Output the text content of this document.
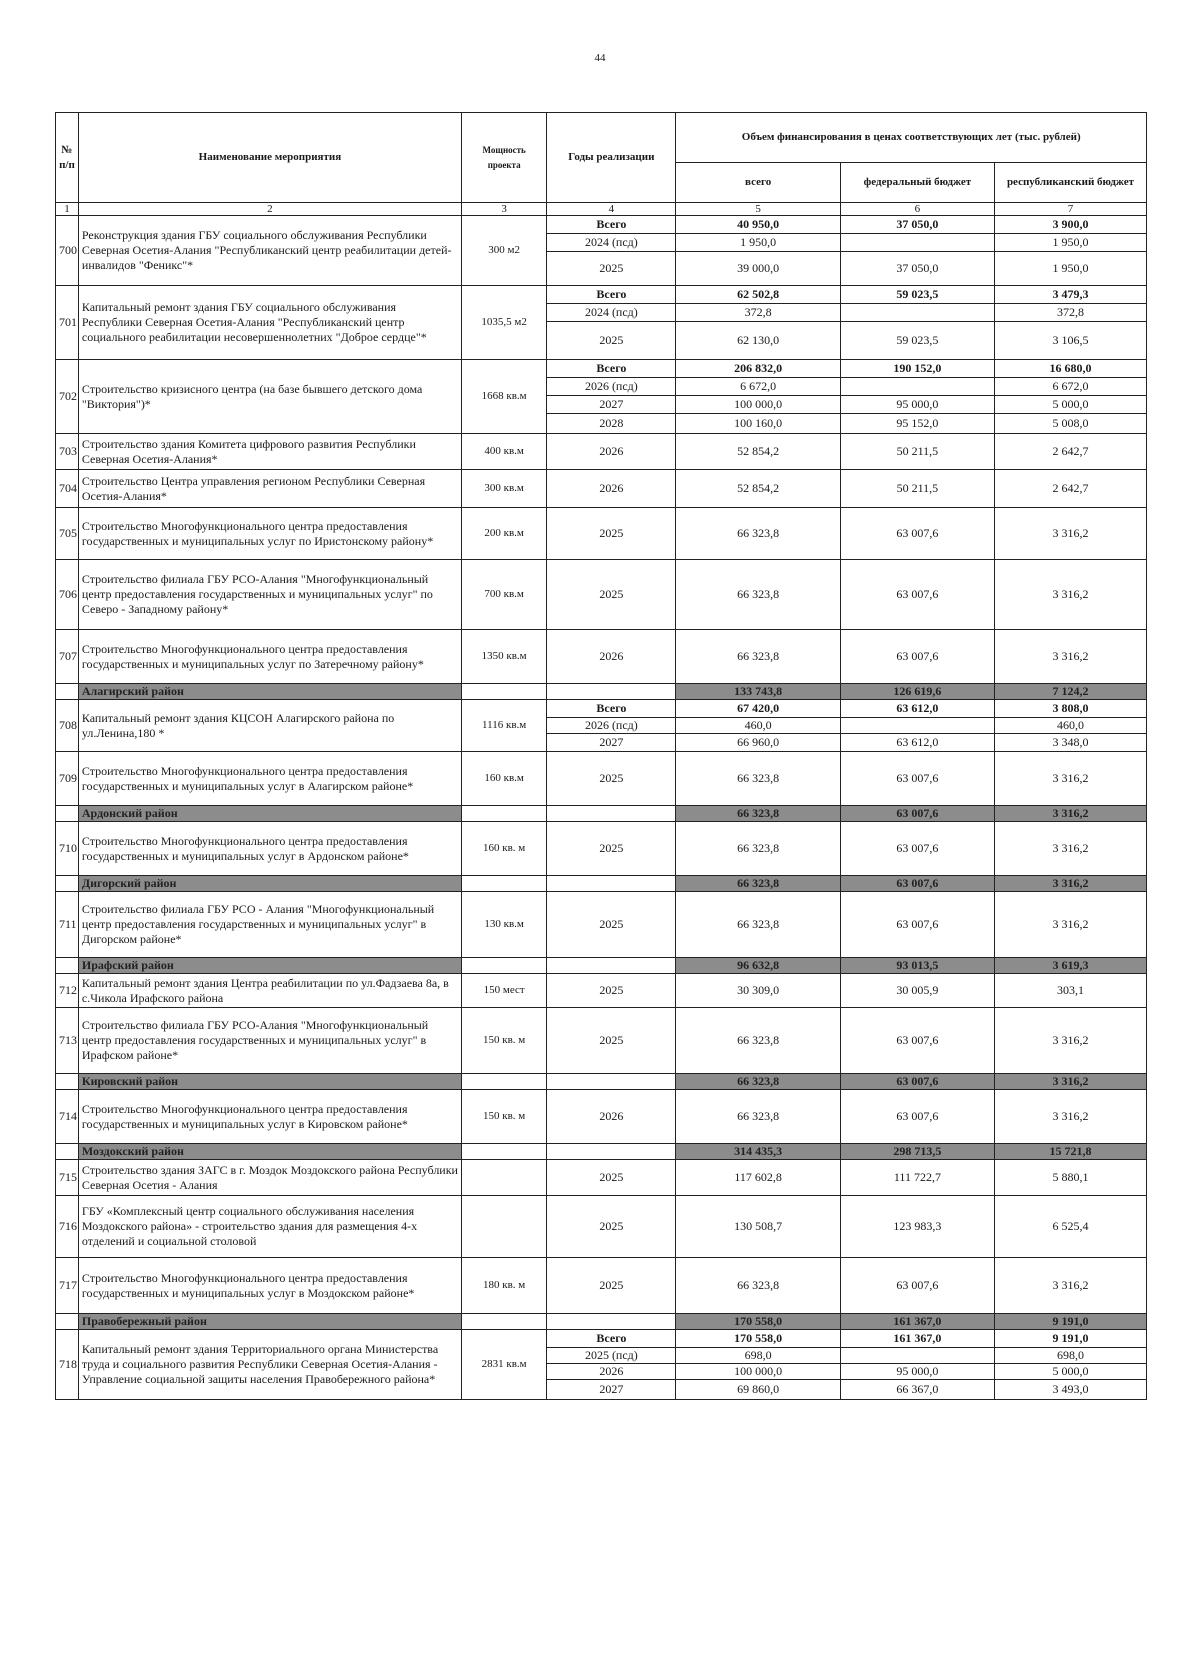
44
№ п/п	Наименование мероприятия	Мощность проекта	Годы реализации	Объем финансирования в ценах соответствующих лет (тыс. рублей)		
				всего	федеральный бюджет	республиканский бюджет
1	2	3	4	5	6	7
700	Реконструкция здания ГБУ социального обслуживания Республики Северная Осетия-Алания "Республиканский центр реабилитации детей-инвалидов "Феникс"*	300 м2	Всего	40 950,0	37 050,0	3 900,0
			2024 (псд)	1 950,0		1 950,0
			2025	39 000,0	37 050,0	1 950,0
701	Капитальный ремонт здания ГБУ социального обслуживания Республики Северная Осетия-Алания "Республиканский центр социального реабилитации несовершеннолетних "Доброе сердце"*	1035,5 м2	Всего	62 502,8	59 023,5	3 479,3
			2024 (псд)	372,8		372,8
			2025	62 130,0	59 023,5	3 106,5
702	Строительство кризисного центра (на базе бывшего детского дома "Виктория")*	1668 кв.м	Всего	206 832,0	190 152,0	16 680,0
			2026 (псд)	6 672,0		6 672,0
			2027	100 000,0	95 000,0	5 000,0
			2028	100 160,0	95 152,0	5 008,0
703	Строительство здания Комитета цифрового развития Республики Северная Осетия-Алания*	400 кв.м	2026	52 854,2	50 211,5	2 642,7
704	Строительство Центра управления регионом Республики Северная Осетия-Алания*	300 кв.м	2026	52 854,2	50 211,5	2 642,7
705	Строительство Многофункционального центра предоставления государственных и муниципальных услуг по Иристонскому району*	200 кв.м	2025	66 323,8	63 007,6	3 316,2
706	Строительство филиала ГБУ РСО-Алания "Многофункциональный центр предоставления государственных и муниципальных услуг" по Северо - Западному району*	700 кв.м	2025	66 323,8	63 007,6	3 316,2
707	Строительство Многофункционального центра предоставления государственных и муниципальных услуг по Затеречному району*	1350 кв.м	2026	66 323,8	63 007,6	3 316,2
	Алагирский район			133 743,8	126 619,6	7 124,2
708	Капитальный ремонт здания КЦСОН Алагирского района по ул.Ленина,180 *	1116 кв.м	Всего	67 420,0	63 612,0	3 808,0
			2026 (псд)	460,0		460,0
			2027	66 960,0	63 612,0	3 348,0
709	Строительство Многофункционального центра предоставления государственных и муниципальных услуг в Алагирском районе*	160 кв.м	2025	66 323,8	63 007,6	3 316,2
	Ардонский район			66 323,8	63 007,6	3 316,2
710	Строительство Многофункционального центра предоставления государственных и муниципальных услуг в Ардонском районе*	160 кв. м	2025	66 323,8	63 007,6	3 316,2
	Дигорский район			66 323,8	63 007,6	3 316,2
711	Строительство филиала ГБУ РСО - Алания "Многофункциональный центр предоставления государственных и муниципальных услуг" в Дигорском районе*	130 кв.м	2025	66 323,8	63 007,6	3 316,2
	Ирафский район			96 632,8	93 013,5	3 619,3
712	Капитальный ремонт здания Центра реабилитации по ул.Фадзаева 8а, в с.Чикола Ирафского района	150 мест	2025	30 309,0	30 005,9	303,1
713	Строительство филиала ГБУ РСО-Алания "Многофункциональный центр предоставления государственных и муниципальных услуг" в Ирафском районе*	150 кв. м	2025	66 323,8	63 007,6	3 316,2
	Кировский район			66 323,8	63 007,6	3 316,2
714	Строительство Многофункционального центра предоставления государственных и муниципальных услуг в Кировском районе*	150 кв. м	2026	66 323,8	63 007,6	3 316,2
	Моздокский район			314 435,3	298 713,5	15 721,8
715	Строительство здания ЗАГС в г. Моздок Моздокского района Республики Северная Осетия - Алания		2025	117 602,8	111 722,7	5 880,1
716	ГБУ «Комплексный центр социального обслуживания населения Моздокского района» - строительство здания для размещения 4-х отделений и социальной столовой		2025	130 508,7	123 983,3	6 525,4
717	Строительство Многофункционального центра предоставления государственных и муниципальных услуг в Моздокском районе*	180 кв. м	2025	66 323,8	63 007,6	3 316,2
	Правобережный район			170 558,0	161 367,0	9 191,0
718	Капитальный ремонт здания Территориального органа Министерства труда и социального развития Республики Северная Осетия-Алания - Управление социальной защиты населения Правобережного района*	2831 кв.м	Всего	170 558,0	161 367,0	9 191,0
			2025 (псд)	698,0		698,0
			2026	100 000,0	95 000,0	5 000,0
			2027	69 860,0	66 367,0	3 493,0
